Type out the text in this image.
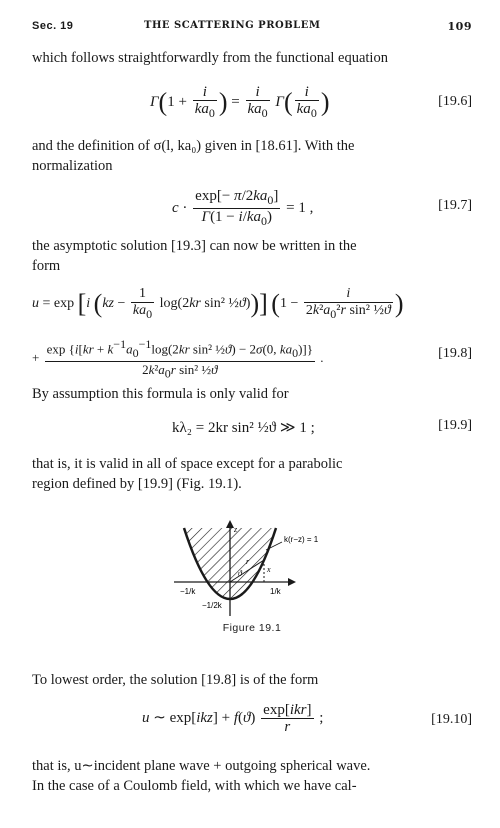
Sec. 19	THE SCATTERING PROBLEM	109
which follows straightforwardly from the functional equation
$\Gamma(1 + \frac{i}{ka_0}$ ) = $\frac{i}{ka_0} \Gamma( \frac{i}{ka_0}$ )	[19.6]
and the definition of σ(l, ka₀) given in [18.61]. With the
normalization
$c \cdot \frac{\exp[- \pi/2ka_0]}{\Gamma(1 - i/ka_0)} = 1$ ,	[19.7]
the asymptotic solution [19.3] can now be written in the
form
u = exp [i ($kz - \frac{1}{ka_0} \log(2kr$ sin² ½ϑ))] ($1 - \frac{i}{2k^2a_0^2r \sin^2 \frac{1}{2}ϑ}$ )
+ $\frac{\exp \{i[kr + k^{-1}a_0^{-1}\log(2kr \sin^2 \frac{1}{2}ϑ) - 2\sigma(0, ka_0)]\}}{2k^2a_0r \sin^2 \frac{1}{2}ϑ}$ .	[19.8]
By assumption this formula is only valid for
kλ₂ = 2kr sin² ½ϑ ≫ 1 ;	[19.9]
that is, it is valid in all of space except for a parabolic
region defined by [19.9] (Fig. 19.1).
k(r−z) = 1
z
r
ϑ	x
−1/k	1/k
−1/2k
Figure 19.1
To lowest order, the solution [19.8] is of the form
u ∼ $\exp[ikz] + f(ϑ) \frac{\text{exp[ikr]}}{r}$ ;	[19.10]
that is, u∼incident plane wave + outgoing spherical wave.
In the case of a Coulomb field, with which we have cal-
